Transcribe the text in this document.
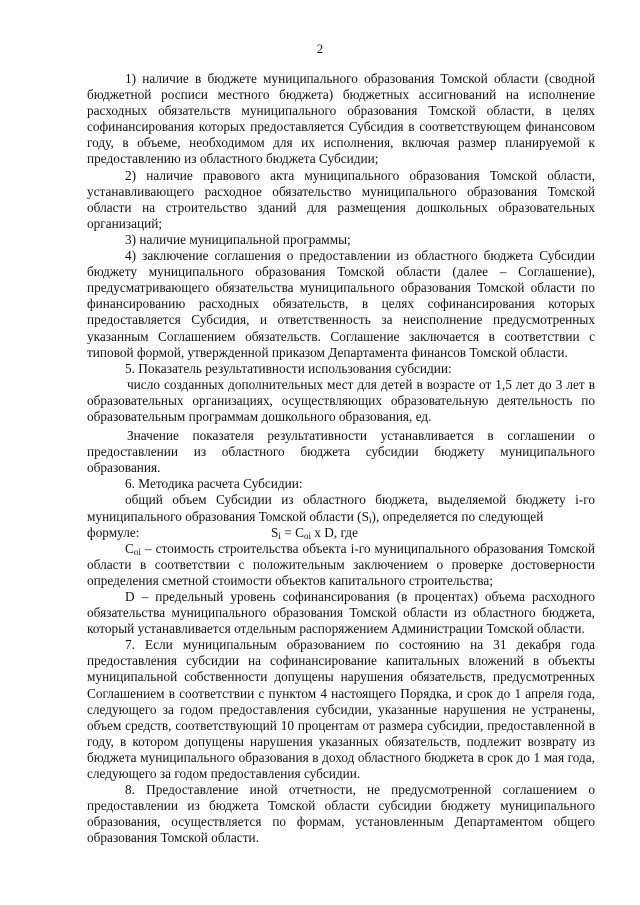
2

1) наличие в бюджете муниципального образования Томской области (сводной бюджетной росписи местного бюджета) бюджетных ассигнований на исполнение расходных обязательств муниципального образования Томской области, в целях софинансирования которых предоставляется Субсидия в соответствующем финансовом году, в объеме, необходимом для их исполнения, включая размер планируемой к предоставлению из областного бюджета Субсидии;

2) наличие правового акта муниципального образования Томской области, устанавливающего расходное обязательство муниципального образования Томской области на строительство зданий для размещения дошкольных образовательных организаций;

3) наличие муниципальной программы;

4) заключение соглашения о предоставлении из областного бюджета Субсидии бюджету муниципального образования Томской области (далее – Соглашение), предусматривающего обязательства муниципального образования Томской области по финансированию расходных обязательств, в целях софинансирования которых предоставляется Субсидия, и ответственность за неисполнение предусмотренных указанным Соглашением обязательств. Соглашение заключается в соответствии с типовой формой, утвержденной приказом Департамента финансов Томской области.

5. Показатель результативности использования субсидии:

число созданных дополнительных мест для детей в возрасте от 1,5 лет до 3 лет в образовательных организациях, осуществляющих образовательную деятельность по образовательным программам дошкольного образования, ед.

Значение показателя результативности устанавливается в соглашении о предоставлении из областного бюджета субсидии бюджету муниципального образования.

6. Методика расчета Субсидии:

общий объем Субсидии из областного бюджета, выделяемой бюджету i-го муниципального образования Томской области $(S_i)$, определяется по следующей

формуле:	$S_i = C_{oi}$ x D, где

$C_{oi}$ – стоимость строительства объекта i-го муниципального образования Томской области в соответствии с положительным заключением о проверке достоверности определения сметной стоимости объектов капитального строительства;

D – предельный уровень софинансирования (в процентах) объема расходного обязательства муниципального образования Томской области из областного бюджета, который устанавливается отдельным распоряжением Администрации Томской области.

7. Если муниципальным образованием по состоянию на 31 декабря года предоставления субсидии на софинансирование капитальных вложений в объекты муниципальной собственности допущены нарушения обязательств, предусмотренных Соглашением в соответствии с пунктом 4 настоящего Порядка, и срок до 1 апреля года, следующего за годом предоставления субсидии, указанные нарушения не устранены, объем средств, соответствующий 10 процентам от размера субсидии, предоставленной в году, в котором допущены нарушения указанных обязательств, подлежит возврату из бюджета муниципального образования в доход областного бюджета в срок до 1 мая года, следующего за годом предоставления субсидии.

8. Предоставление иной отчетности, не предусмотренной соглашением о предоставлении из бюджета Томской области субсидии бюджету муниципального образования, осуществляется по формам, установленным Департаментом общего образования Томской области.
